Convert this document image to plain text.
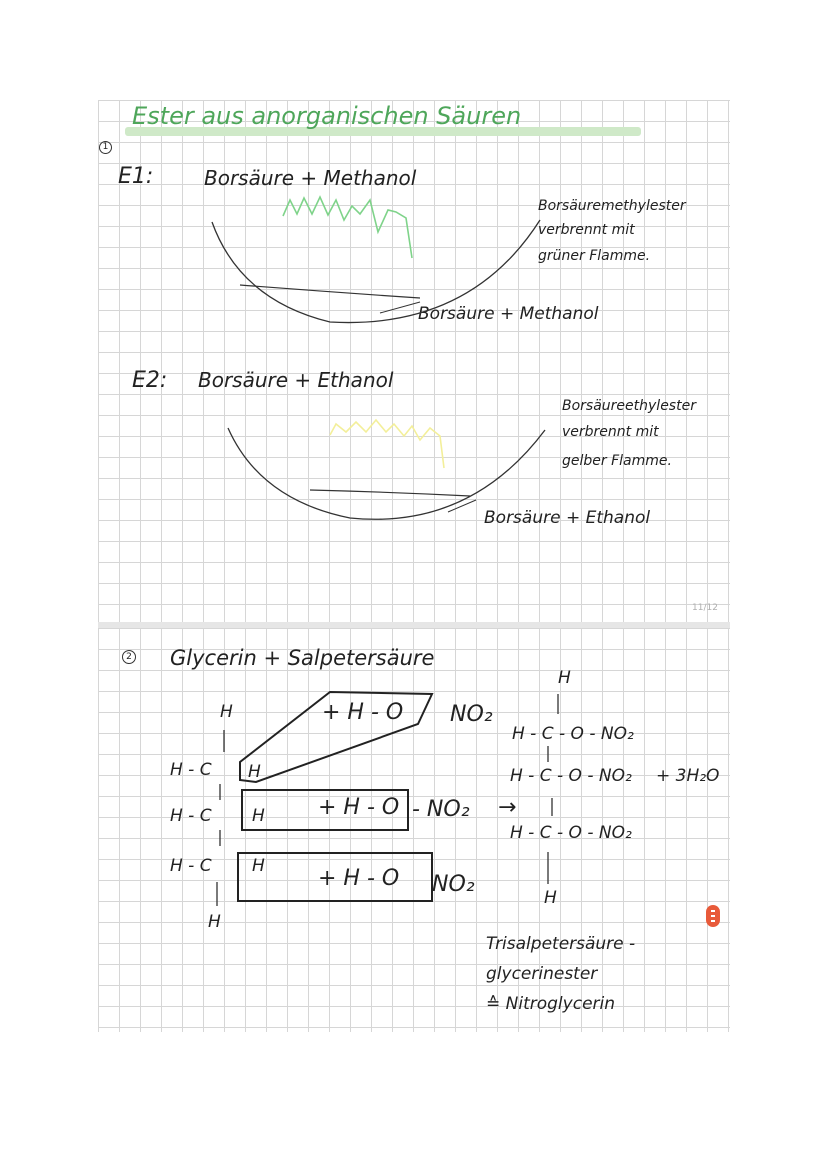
Ester aus anorganischen Säuren
1
E1:	Borsäure + Methanol
Borsäuremethylester
verbrennt mit
grüner Flamme.
Borsäure + Methanol
E2: Borsäure + Ethanol
Borsäureethylester
verbrennt mit
gelber Flamme.
Borsäure + Ethanol
11/12
2 Glycerin + Salpetersäure
H
H - C H
H - C H
H - C H
H
+ H - O NO₂
+ H - O - NO₂ →
+ H - O NO₂
H
H - C - O - NO₂
H - C - O - NO₂ + 3H₂O
H - C - O - NO₂
H
Trisalpetersäure -
glycerinester
≙ Nitroglycerin
